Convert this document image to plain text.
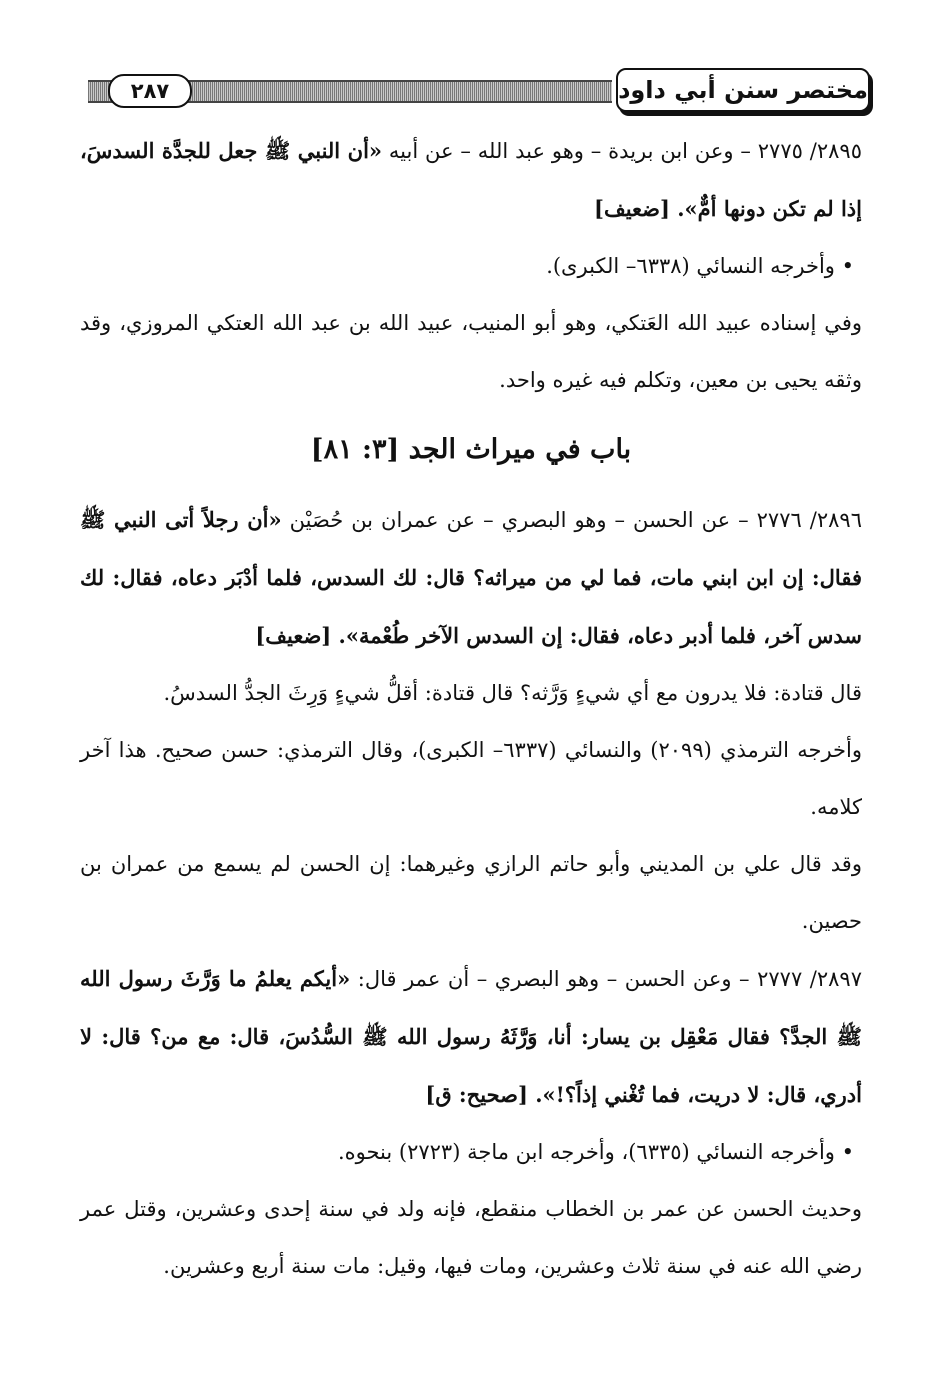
٢٨٧	مختصر سنن أبي داود

٢٨٩٥/ ٢٧٧٥ – وعن ابن بريدة – وهو عبد الله – عن أبيه «أن النبي ﷺ جعل للجدَّة السدسَ، إذا لم تكن دونها أمٌّ». [ضعيف]

• وأخرجه النسائي (٦٣٣٨– الكبرى).

وفي إسناده عبيد الله العَتكي، وهو أبو المنيب، عبيد الله بن عبد الله العتكي المروزي، وقد وثقه يحيى بن معين، وتكلم فيه غيره واحد.

باب في ميراث الجد [٣: ٨١]

٢٨٩٦/ ٢٧٧٦ – عن الحسن – وهو البصري – عن عمران بن حُصَيْن «أن رجلاً أتى النبي ﷺ فقال: إن ابن ابني مات، فما لي من ميراثه؟ قال: لك السدس، فلما أدْبَر دعاه، فقال: لك سدس آخر، فلما أدبر دعاه، فقال: إن السدس الآخر طُعْمة». [ضعيف]

قال قتادة: فلا يدرون مع أي شيءٍ وَرَّثه؟ قال قتادة: أقلُّ شيءٍ وَرِثَ الجدُّ السدسُ.

وأخرجه الترمذي (٢٠٩٩) والنسائي (٦٣٣٧– الكبرى)، وقال الترمذي: حسن صحيح. هذا آخر كلامه.

وقد قال علي بن المديني وأبو حاتم الرازي وغيرهما: إن الحسن لم يسمع من عمران بن حصين.

٢٨٩٧/ ٢٧٧٧ – وعن الحسن – وهو البصري – أن عمر قال: «أيكم يعلمُ ما وَرَّثَ رسول الله ﷺ الجدَّ؟ فقال مَعْقِل بن يسار: أنا، وَرَّثَهُ رسول الله ﷺ السُّدُسَ، قال: مع من؟ قال: لا أدري، قال: لا دريت، فما تُغْني إذاً؟!». [صحيح: ق]

• وأخرجه النسائي (٦٣٣٥)، وأخرجه ابن ماجة (٢٧٢٣) بنحوه.

وحديث الحسن عن عمر بن الخطاب منقطع، فإنه ولد في سنة إحدى وعشرين، وقتل عمر رضي الله عنه في سنة ثلاث وعشرين، ومات فيها، وقيل: مات سنة أربع وعشرين.
